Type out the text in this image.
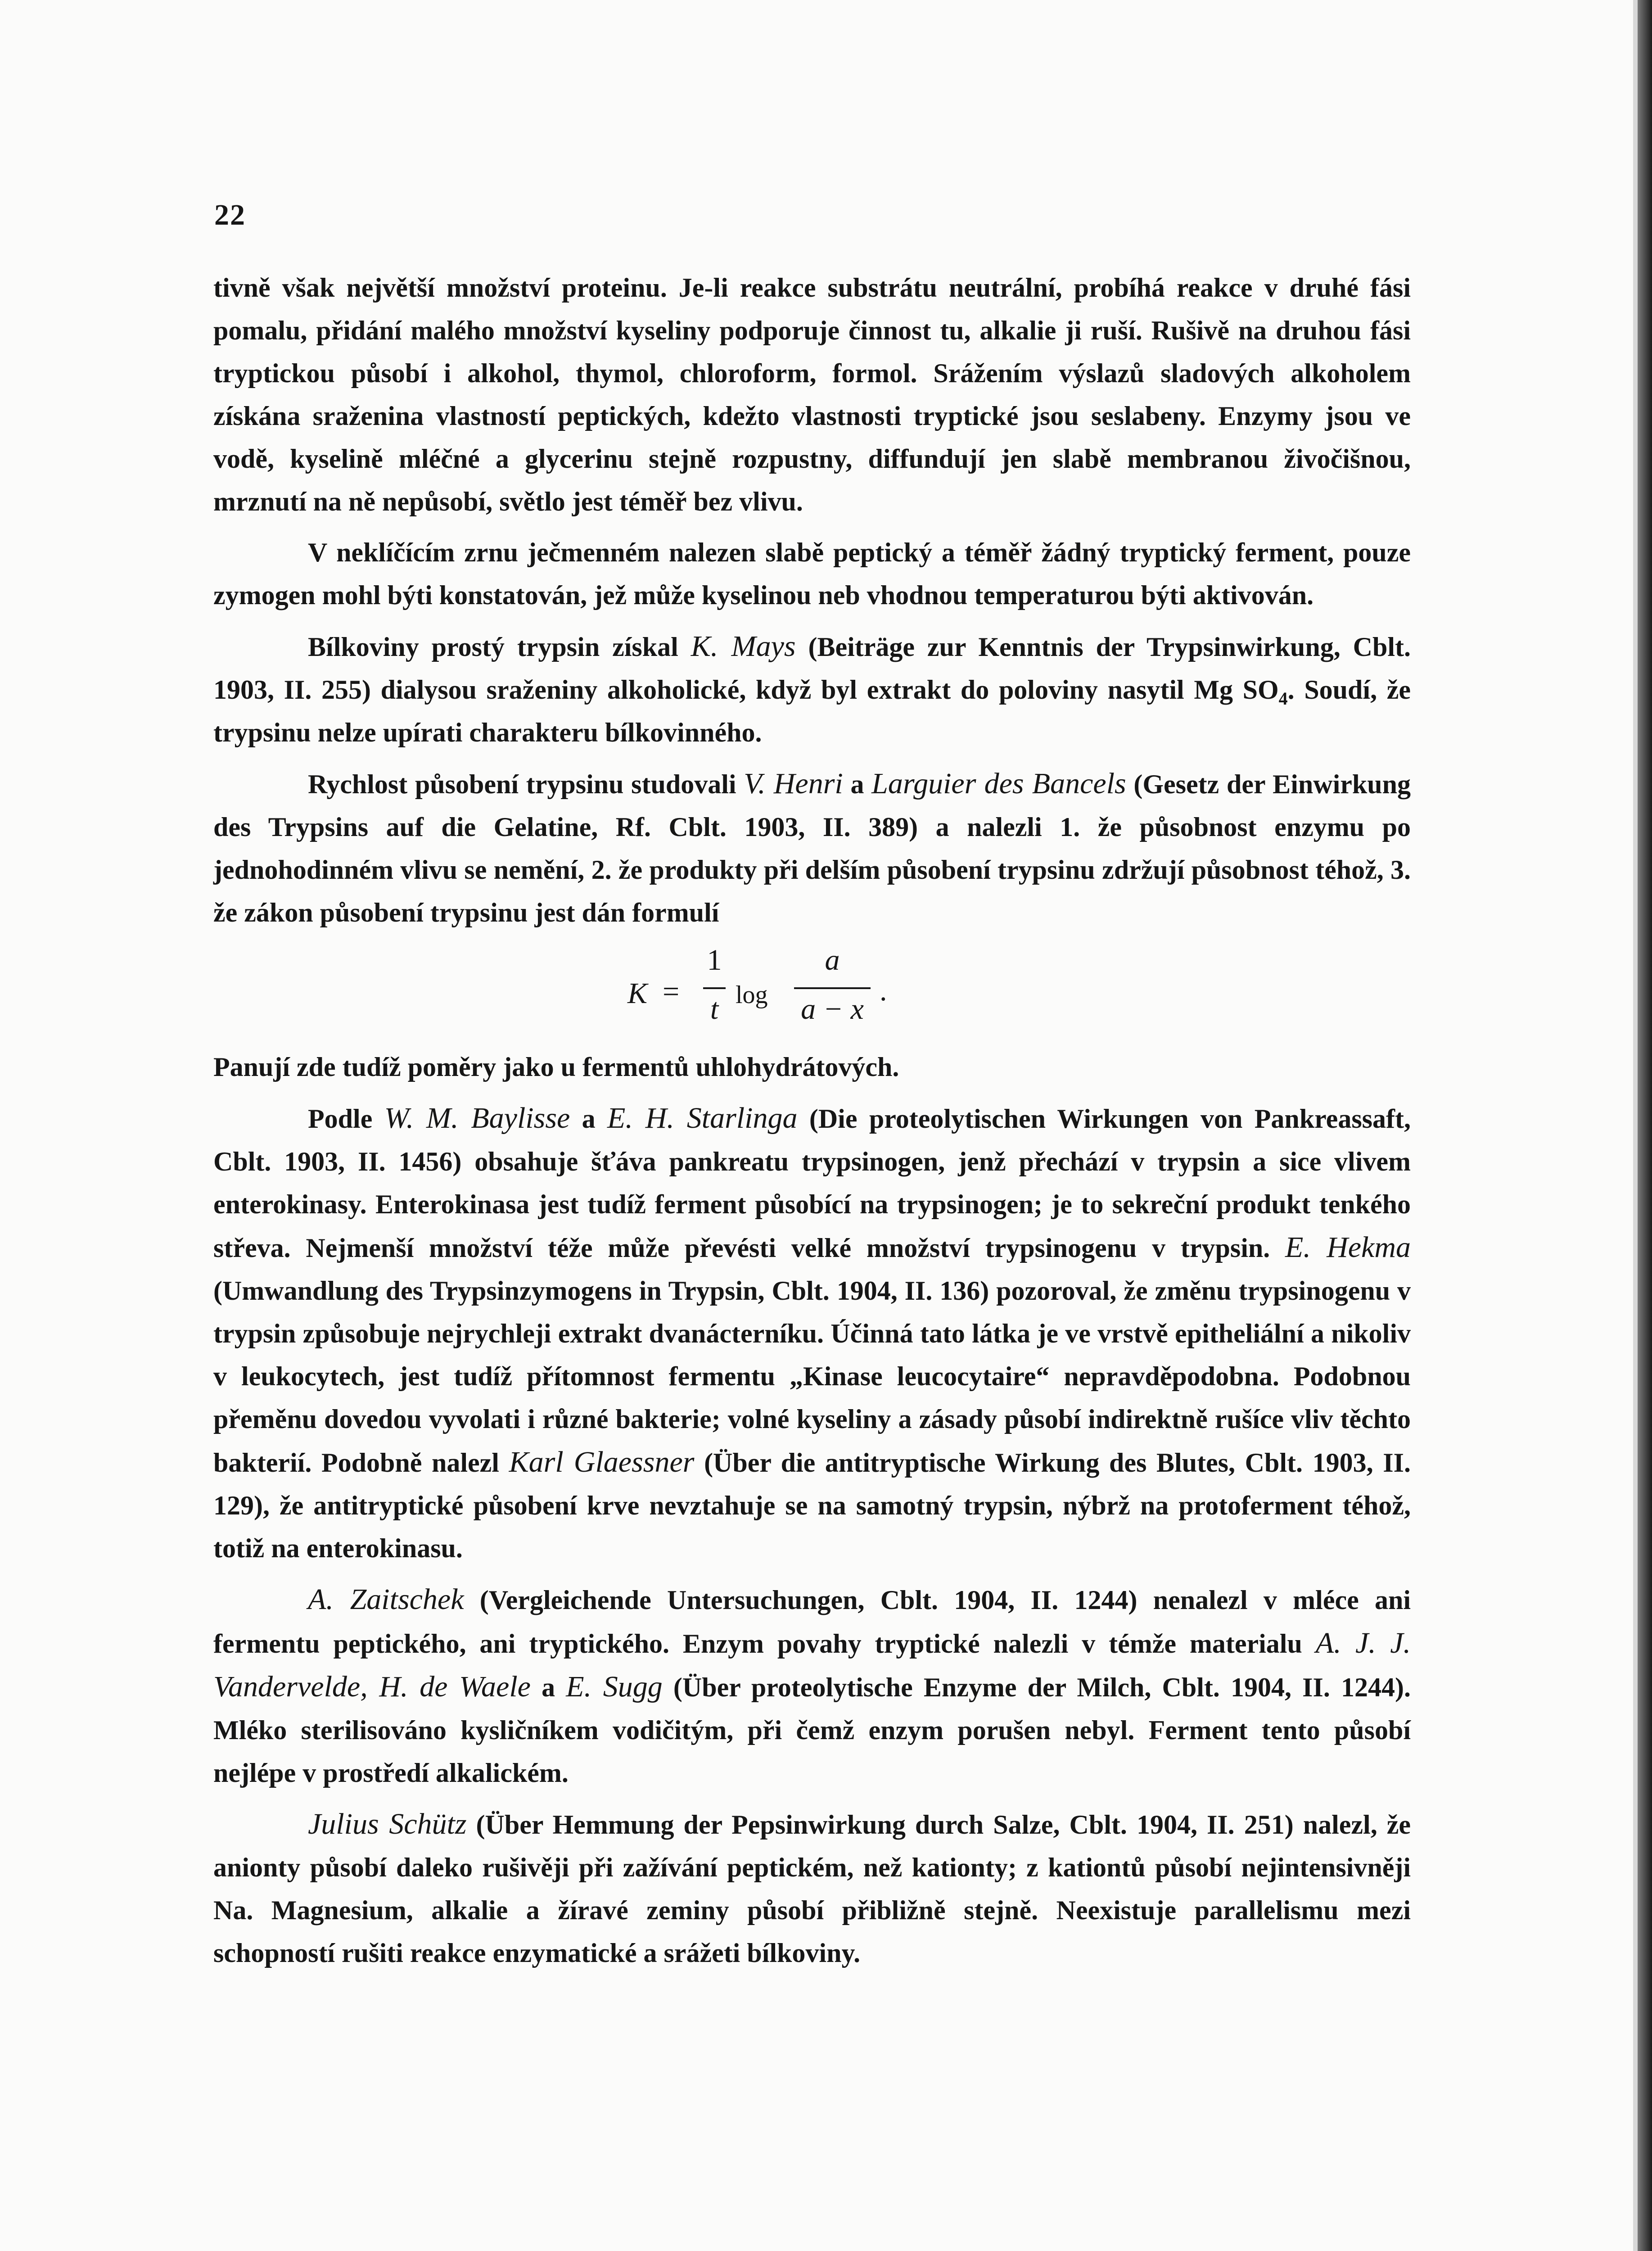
22

tivně však největší množství proteinu. Je-li reakce substrátu neutrální, probíhá reakce v druhé fási pomalu, přidání malého množství kyseliny podporuje činnost tu, alkalie ji ruší. Rušivě na druhou fási tryptickou působí i alkohol, thymol, chloroform, formol. Srážením výslazů sladových alkoholem získána sraženina vlastností peptických, kdežto vlastnosti tryptické jsou seslabeny. Enzymy jsou ve vodě, kyselině mléčné a glycerinu stejně rozpustny, diffundují jen slabě membranou živočišnou, mrznutí na ně nepůsobí, světlo jest téměř bez vlivu.

V neklíčícím zrnu ječmenném nalezen slabě peptický a téměř žádný tryptický ferment, pouze zymogen mohl býti konstatován, jež může kyselinou neb vhodnou temperaturou býti aktivován.

Bílkoviny prostý trypsin získal K. Mays (Beiträge zur Kenntnis der Trypsinwirkung, Cblt. 1903, II. 255) dialysou sraženiny alkoholické, když byl extrakt do poloviny nasytil Mg $SO_4$. Soudí, že trypsinu nelze upírati charakteru bílkovinného.

Rychlost působení trypsinu studovali V. Henri a Larguier des Bancels (Gesetz der Einwirkung des Trypsins auf die Gelatine, Rf. Cblt. 1903, II. 389) a nalezli 1. že působnost enzymu po jednohodinném vlivu se nemění, 2. že produkty při delším působení trypsinu zdržují působnost téhož, 3. že zákon působení trypsinu jest dán formulí

K =
1
t log
a
a − x
.

Panují zde tudíž poměry jako u fermentů uhlohydrátových.

Podle W. M. Baylisse a E. H. Starlinga (Die proteolytischen Wirkungen von Pankreassaft, Cblt. 1903, II. 1456) obsahuje šťáva pankreatu trypsinogen, jenž přechází v trypsin a sice vlivem enterokinasy. Enterokinasa jest tudíž ferment působící na trypsinogen; je to sekreční produkt tenkého střeva. Nejmenší množství téže může převésti velké množství trypsinogenu v trypsin. E. Hekma (Umwandlung des Trypsinzymogens in Trypsin, Cblt. 1904, II. 136) pozoroval, že změnu trypsinogenu v trypsin způsobuje nejrychleji extrakt dvanácterníku. Účinná tato látka je ve vrstvě epitheliální a nikoliv v leukocytech, jest tudíž přítomnost fermentu „Kinase leucocytaire“ nepravděpodobna. Podobnou přeměnu dovedou vyvolati i různé bakterie; volné kyseliny a zásady působí indirektně rušíce vliv těchto bakterií. Podobně nalezl Karl Glaessner (Über die antitryptische Wirkung des Blutes, Cblt. 1903, II. 129), že antitryptické působení krve nevztahuje se na samotný trypsin, nýbrž na protoferment téhož, totiž na enterokinasu.

A. Zaitschek (Vergleichende Untersuchungen, Cblt. 1904, II. 1244) nenalezl v mléce ani fermentu peptického, ani tryptického. Enzym povahy tryptické nalezli v témže materialu A. J. J. Vandervelde, H. de Waele a E. Sugg (Über proteolytische Enzyme der Milch, Cblt. 1904, II. 1244). Mléko sterilisováno kysličníkem vodičitým, při čemž enzym porušen nebyl. Ferment tento působí nejlépe v prostředí alkalickém.

Julius Schütz (Über Hemmung der Pepsinwirkung durch Salze, Cblt. 1904, II. 251) nalezl, že anionty působí daleko rušivěji při zažívání peptickém, než kationty; z kationtů působí nejintensivněji Na. Magnesium, alkalie a žíravé zeminy působí přibližně stejně. Neexistuje parallelismu mezi schopností rušiti reakce enzymatické a srážeti bílkoviny.
